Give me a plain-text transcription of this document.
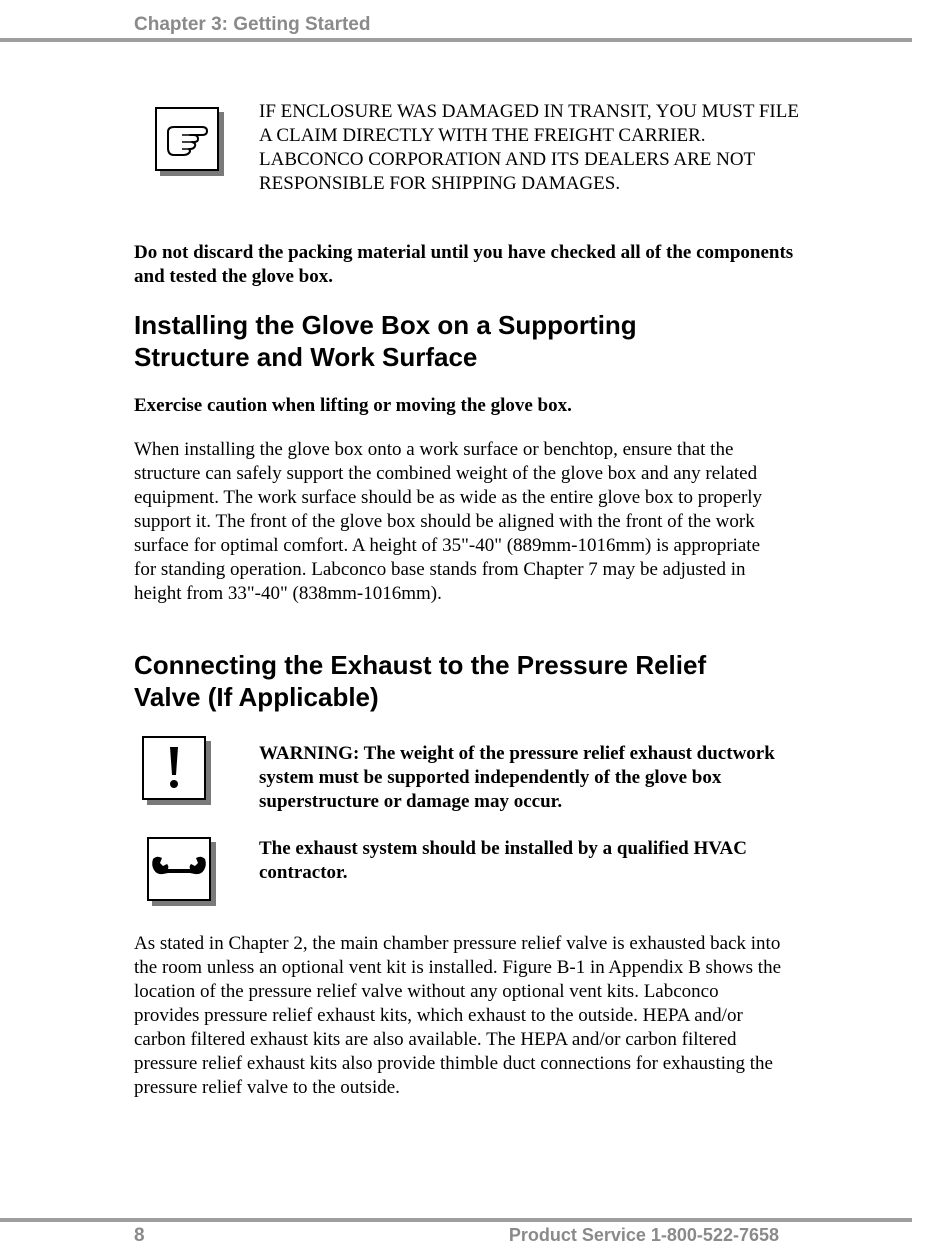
Chapter 3: Getting Started
IF ENCLOSURE WAS DAMAGED IN TRANSIT, YOU MUST FILE A CLAIM DIRECTLY WITH THE FREIGHT CARRIER. LABCONCO CORPORATION AND ITS DEALERS ARE NOT RESPONSIBLE FOR SHIPPING DAMAGES.
Do not discard the packing material until you have checked all of the components and tested the glove box.
Installing the Glove Box on a Supporting Structure and Work Surface
Exercise caution when lifting or moving the glove box.
When installing the glove box onto a work surface or benchtop, ensure that the structure can safely support the combined weight of the glove box and any related equipment. The work surface should be as wide as the entire glove box to properly support it. The front of the glove box should be aligned with the front of the work surface for optimal comfort. A height of 35"-40" (889mm-1016mm) is appropriate for standing operation. Labconco base stands from Chapter 7 may be adjusted in height from 33"-40" (838mm-1016mm).
Connecting the Exhaust to the Pressure Relief Valve (If Applicable)
WARNING: The weight of the pressure relief exhaust ductwork system must be supported independently of the glove box superstructure or damage may occur.
The exhaust system should be installed by a qualified HVAC contractor.
As stated in Chapter 2, the main chamber pressure relief valve is exhausted back into the room unless an optional vent kit is installed. Figure B-1 in Appendix B shows the location of the pressure relief valve without any optional vent kits. Labconco provides pressure relief exhaust kits, which exhaust to the outside. HEPA and/or carbon filtered exhaust kits are also available. The HEPA and/or carbon filtered pressure relief exhaust kits also provide thimble duct connections for exhausting the pressure relief valve to the outside.
8	Product Service 1-800-522-7658
